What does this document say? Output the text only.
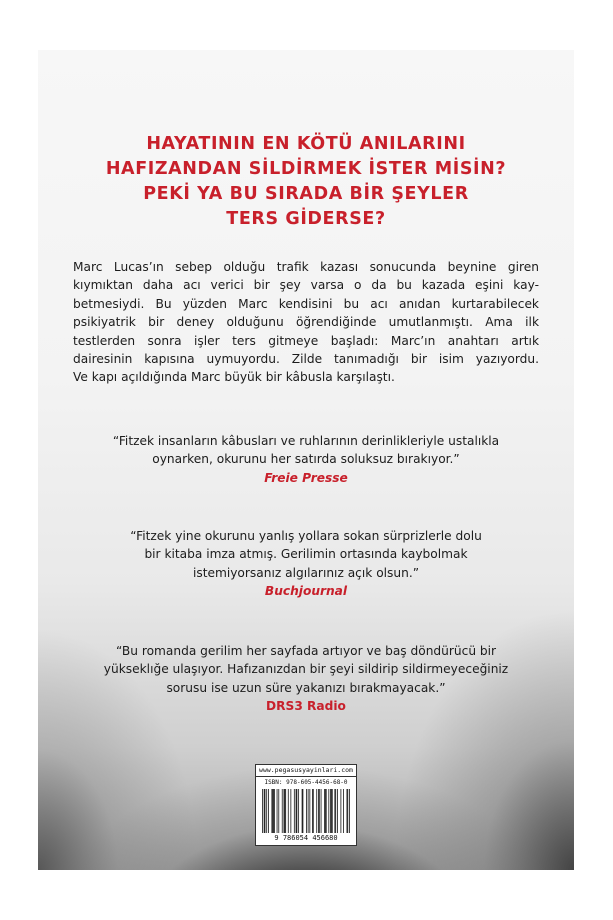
HAYATININ EN KÖTÜ ANILARINI
HAFIZANDAN SİLDİRMEK İSTER MİSİN?
PEKİ YA BU SIRADA BİR ŞEYLER
TERS GİDERSE?
Marc Lucas’ın sebep olduğu trafik kazası sonucunda beynine giren
kıymıktan daha acı verici bir şey varsa o da bu kazada eşini kay-
betmesiydi. Bu yüzden Marc kendisini bu acı anıdan kurtarabilecek
psikiyatrik bir deney olduğunu öğrendiğinde umutlanmıştı. Ama ilk
testlerden sonra işler ters gitmeye başladı: Marc’ın anahtarı artık
dairesinin kapısına uymuyordu. Zilde tanımadığı bir isim yazıyordu.
Ve kapı açıldığında Marc büyük bir kâbusla karşılaştı.
“Fitzek insanların kâbusları ve ruhlarının derinlikleriyle ustalıkla
oynarken, okurunu her satırda soluksuz bırakıyor.”
Freie Presse
“Fitzek yine okurunu yanlış yollara sokan sürprizlerle dolu
bir kitaba imza atmış. Gerilimin ortasında kaybolmak
istemiyorsanız algılarınız açık olsun.”
Buchjournal
“Bu romanda gerilim her sayfada artıyor ve baş döndürücü bir
yükseklığe ulaşıyor. Hafızanızdan bir şeyi sildirip sildirmeyeceğiniz
sorusu ise uzun süre yakanızı bırakmayacak.”
DRS3 Radio
www.pegasusyayinlari.com
ISBN: 978-605-4456-68-0
9 786054 456680
